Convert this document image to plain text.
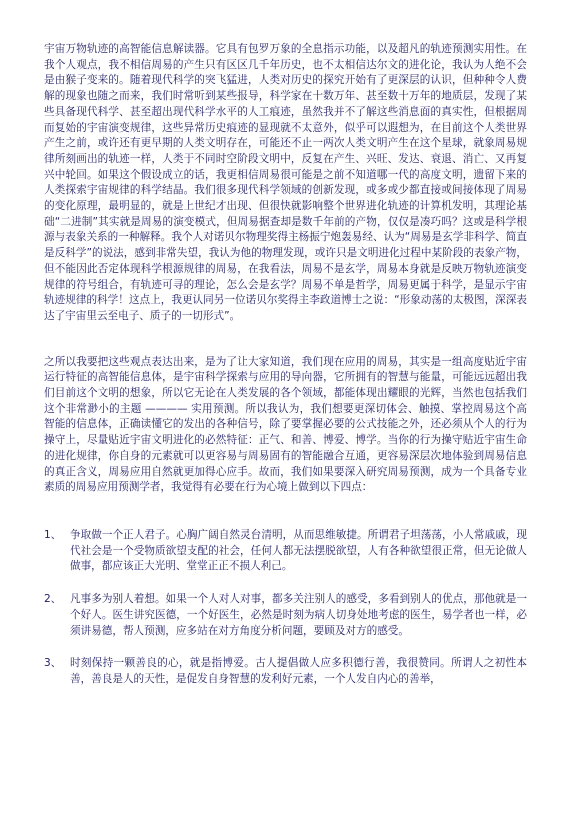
宇宙万物轨迹的高智能信息解读器。它具有包罗万象的全息指示功能，以及超凡的轨迹预测实用性。在我个人观点，我不相信周易的产生只有区区几千年历史，也不太相信达尔文的进化论，我认为人绝不会是由猴子变来的。随着现代科学的突飞猛进，人类对历史的探究开始有了更深层的认识，但种种令人费解的现象也随之而来，我们时常听到某些报导，科学家在十数万年、甚至数十万年的地质层，发现了某些具备现代科学、甚至超出现代科学水平的人工痕迹，虽然我并不了解这些消息面的真实性，但根据周而复始的宇宙演变规律，这些异常历史痕迹的显现就不太意外，似乎可以遐想为，在目前这个人类世界产生之前，或许还有更早期的人类文明存在，可能还不止一两次人类文明产生在这个星球，就象周易规律所刻画出的轨迹一样，人类于不同时空阶段文明中，反复在产生、兴旺、发达、衰退、消亡、又再复兴中轮回。如果这个假设成立的话，我更相信周易很可能是之前不知道哪一代的高度文明，遗留下来的人类探索宇宙规律的科学结晶。我们很多现代科学领域的创新发现，或多或少都直接或间接体现了周易的变化原理，最明显的，就是上世纪才出现、但很快就影响整个世界进化轨迹的计算机发明，其理论基础“二进制”其实就是周易的演变模式，但周易据查却是数千年前的产物，仅仅是凑巧吗？这或是科学根源与表象关系的一种解释。我个人对诺贝尔物理奖得主杨振宁炮轰易经、认为“周易是玄学非科学、简直是反科学”的说法，感到非常失望，我认为他的物理发现，或许只是文明进化过程中某阶段的表象产物，但不能因此否定体现科学根源规律的周易，在我看法，周易不是玄学，周易本身就是反映万物轨迹演变规律的符号组合，有轨迹可寻的理论，怎么会是玄学？周易不单是哲学，周易更属于科学，是显示宇宙轨迹规律的科学！这点上，我更认同另一位诺贝尔奖得主李政道博士之说：“形象动荡的太极图，深深表达了宇宙里云至电子、质子的一切形式”。

之所以我要把这些观点表达出来，是为了让大家知道，我们现在应用的周易，其实是一组高度贴近宇宙运行特征的高智能信息体，是宇宙科学探索与应用的导向器，它所拥有的智慧与能量，可能远远超出我们目前这个文明的想象，所以它无论在人类发展的各个领域，都能体现出耀眼的光辉，当然也包括我们这个非常渺小的主题 ———— 实用预测。所以我认为，我们想要更深切体会、触摸、掌控周易这个高智能的信息体，正确读懂它的发出的各种信号，除了要掌握必要的公式技能之外，还必须从个人的行为操守上，尽量贴近宇宙文明进化的必然特征：正气、和善、博爱、博学。当你的行为操守贴近宇宙生命的进化规律，你自身的元素就可以更容易与周易固有的智能融合互通，更容易深层次地体验到周易信息的真正含义，周易应用自然就更加得心应手。故而，我们如果要深入研究周易预测，成为一个具备专业素质的周易应用预测学者，我觉得有必要在行为心境上做到以下四点：

1、 争取做一个正人君子。心胸广阔自然灵台清明，从而思维敏捷。所谓君子坦荡荡，小人常戚戚，现代社会是一个受物质欲望支配的社会，任何人都无法摆脱欲望，人有各种欲望很正常，但无论做人做事，都应该正大光明、堂堂正正不损人利己。
2、 凡事多为别人着想。如果一个人对人对事，都多关注别人的感受，多看到别人的优点，那他就是一个好人。医生讲究医德，一个好医生，必然是时刻为病人切身处地考虑的医生，易学者也一样，必须讲易德，帮人预测，应多站在对方角度分析问题，要顾及对方的感受。
3、 时刻保持一颗善良的心，就是指博爱。古人提倡做人应多积德行善，我很赞同。所谓人之初性本善，善良是人的天性，是促发自身智慧的发利好元素，一个人发自内心的善举，
